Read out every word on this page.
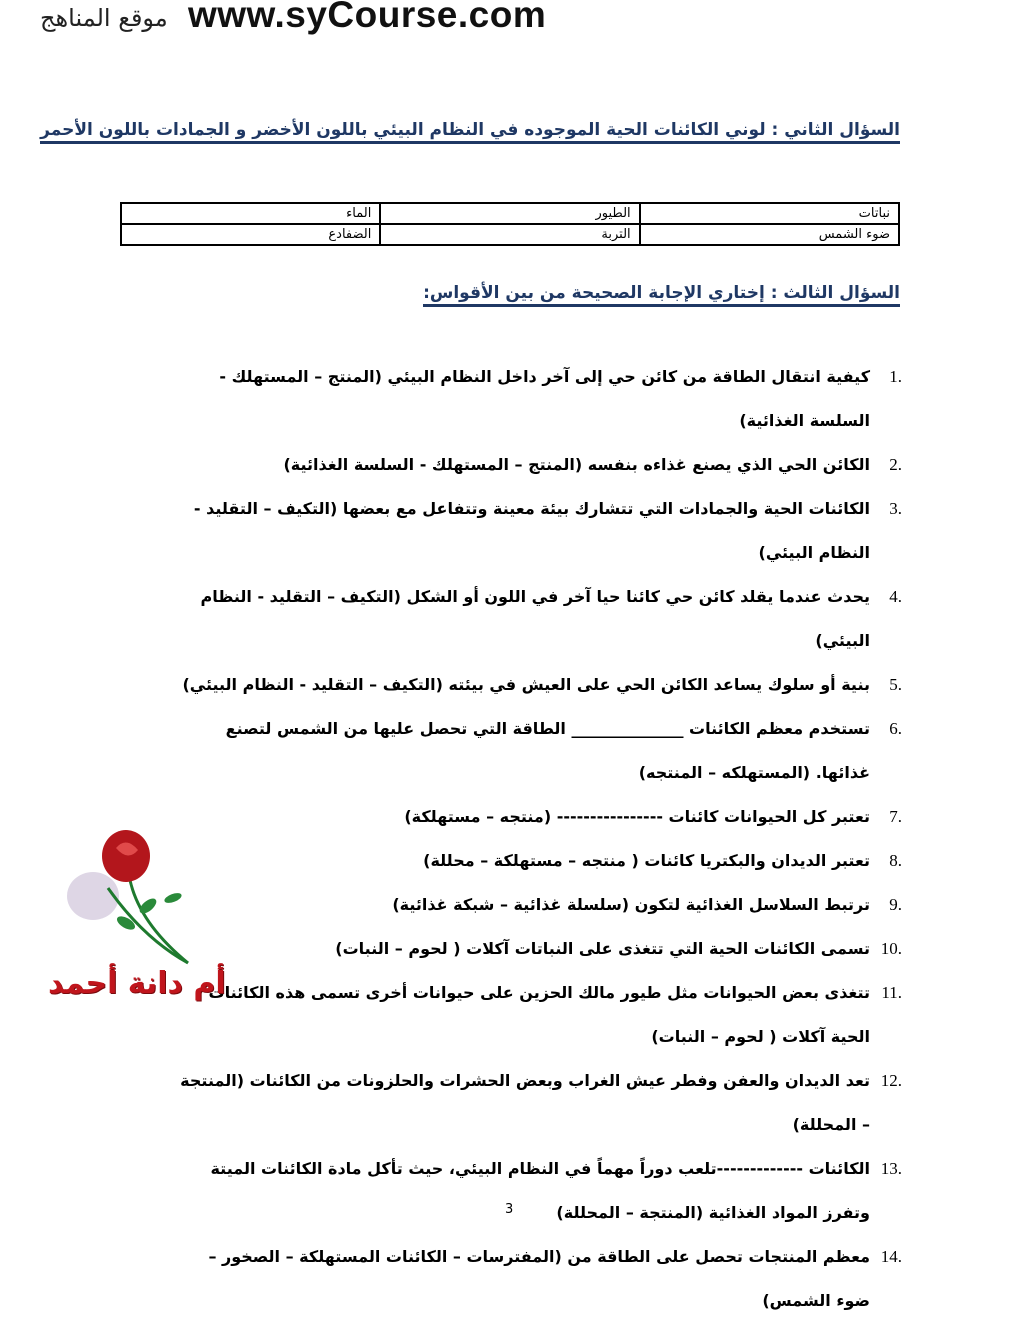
www.syCourse.com
موقع المناهج
السؤال الثاني : لوني الكائنات الحية الموجوده في النظام البيئي باللون الأخضر و الجمادات باللون الأحمر
نباتات	الطيور	الماء
ضوء الشمس	التربة	الضفادع
السؤال الثالث : إختاري الإجابة الصحيحة من بين الأقواس:
1.
كيفية انتقال الطاقة من كائن حي إلى آخر داخل النظام البيئي (المنتج – المستهلك - السلسة الغذائية)
2.
الكائن الحي الذي يصنع غذاءه بنفسه (المنتج – المستهلك - السلسة الغذائية)
3.
الكائنات الحية والجمادات التي تتشارك بيئة معينة وتتفاعل مع بعضها (التكيف – التقليد - النظام البيئي)
4.
يحدث عندما يقلد كائن حي كائنا حيا آخر في اللون أو الشكل (التكيف – التقليد - النظام البيئي)
5.
بنية أو سلوك يساعد الكائن الحي على العيش في بيئته (التكيف – التقليد - النظام البيئي)
6.
تستخدم معظم الكائنات ______________ الطاقة التي تحصل عليها من الشمس لتصنع غذائها. (المستهلكه – المنتجه)
7.
تعتبر كل الحيوانات كائنات ---------------- (منتجه – مستهلكة)
8.
تعتبر الديدان والبكتريا كائنات ( منتجه – مستهلكة – محللة)
9.
ترتبط السلاسل الغذائية لتكون (سلسلة غذائية – شبكة غذائية)
10.
تسمى الكائنات الحية التي تتغذى على النباتات آكلات ( لحوم – النبات)
11.
تتغذى بعض الحيوانات مثل طيور مالك الحزين على حيوانات أخرى تسمى هذه الكائنات الحية آكلات ( لحوم – النبات)
12.
تعد الديدان والعفن وفطر عيش الغراب وبعض الحشرات والحلزونات من الكائنات (المنتجة – المحللة)
13.
الكائنات -------------تلعب دوراً مهماً في النظام البيئي، حيث تأكل مادة الكائنات الميتة وتفرز المواد الغذائية (المنتجة – المحللة)
14.
معظم المنتجات تحصل على الطاقة من (المفترسات – الكائنات المستهلكة – الصخور – ضوء الشمس)
أم دانة أحمد
3
